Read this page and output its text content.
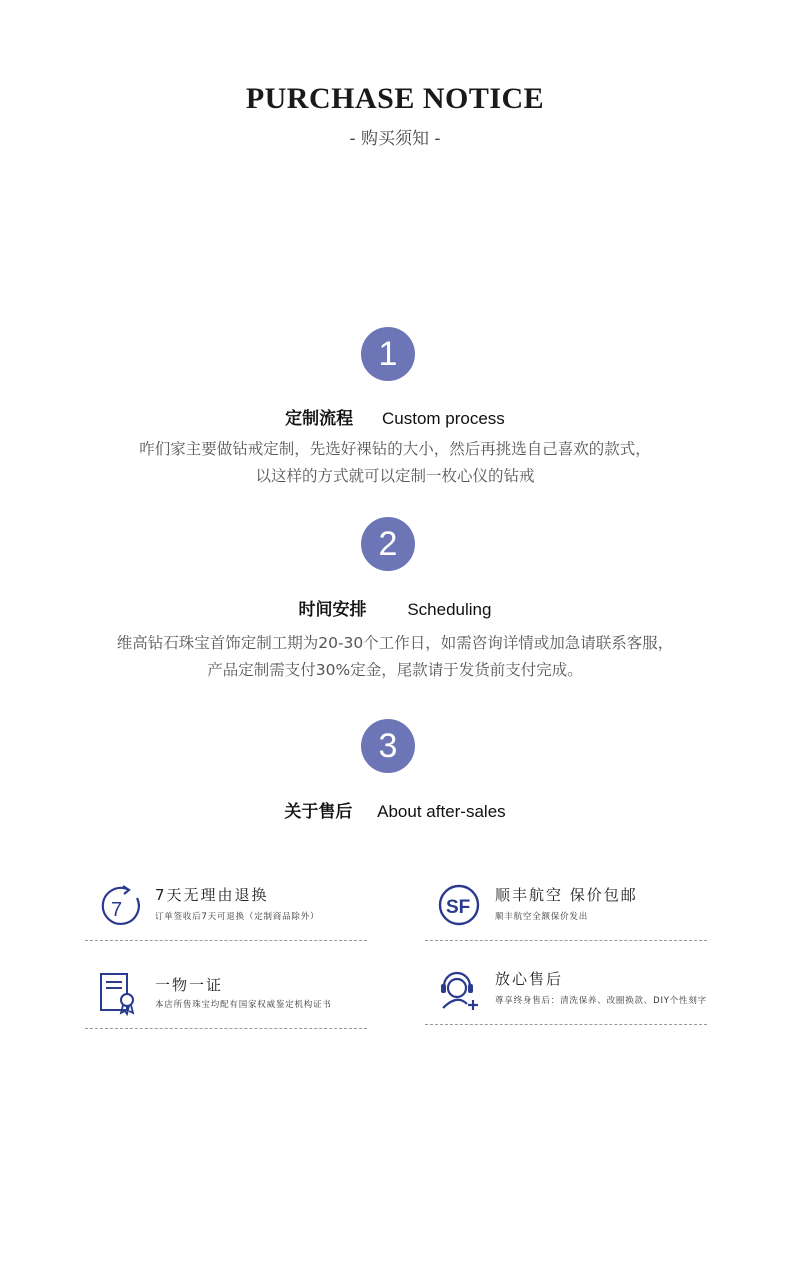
PURCHASE NOTICE
- 购买须知 -
1
定制流程 Custom process
咋们家主要做钻戒定制，先选好裸钻的大小，然后再挑选自己喜欢的款式，
以这样的方式就可以定制一枚心仪的钻戒
2
时间安排 Scheduling
维高钻石珠宝首饰定制工期为20-30个工作日，如需咨询详情或加急请联系客服，
产品定制需支付30%定金，尾款请于发货前支付完成。
3
关于售后 About after-sales
7
7天无理由退换
订单签收后7天可退换（定制商品除外）	SF
顺丰航空 保价包邮
顺丰航空全额保价发出
一物一证
本店所售珠宝均配有国家权威鉴定机构证书
放心售后
尊享终身售后：清洗保养、改圈换款、DIY个性刻字
